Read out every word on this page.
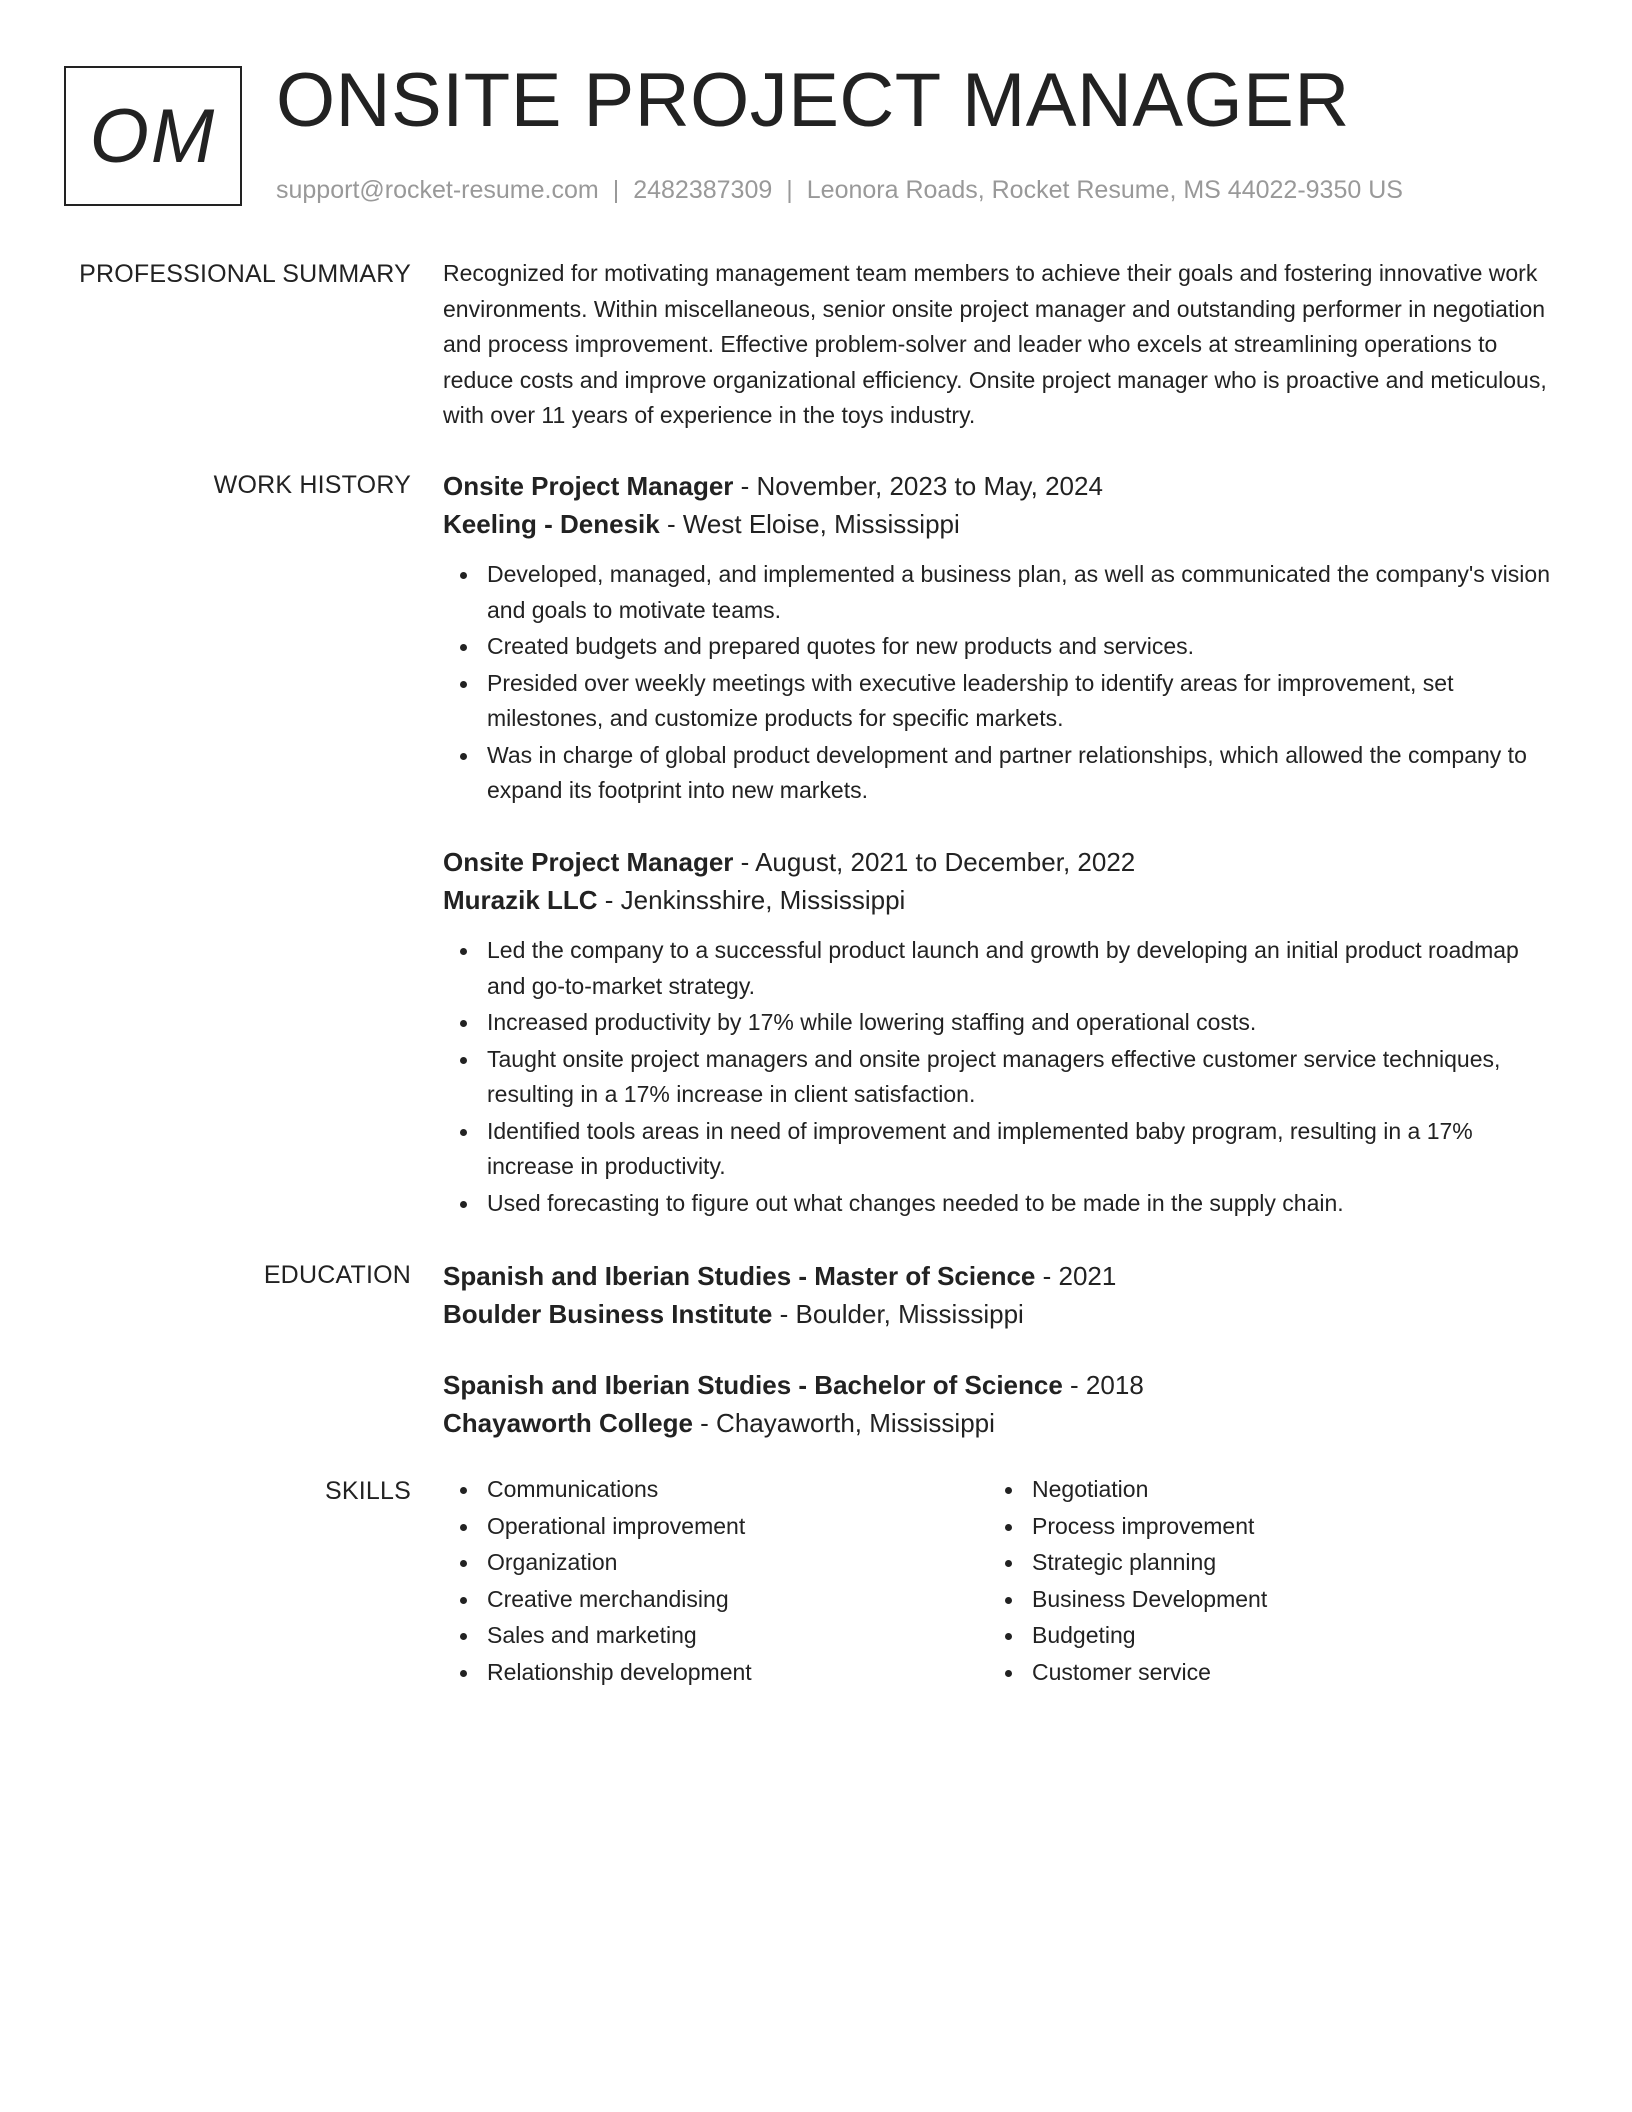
OM ONSITE PROJECT MANAGER
support@rocket-resume.com | 2482387309 | Leonora Roads, Rocket Resume, MS 44022-9350 US
PROFESSIONAL SUMMARY Recognized for motivating management team members to achieve their goals and fostering innovative work environments. Within miscellaneous, senior onsite project manager and outstanding performer in negotiation and process improvement. Effective problem-solver and leader who excels at streamlining operations to reduce costs and improve organizational efficiency. Onsite project manager who is proactive and meticulous, with over 11 years of experience in the toys industry.

WORK HISTORY Onsite Project Manager - November, 2023 to May, 2024
Keeling - Denesik - West Eloise, Mississippi
Developed, managed, and implemented a business plan, as well as communicated the company's vision and goals to motivate teams.
Created budgets and prepared quotes for new products and services.
Presided over weekly meetings with executive leadership to identify areas for improvement, set milestones, and customize products for specific markets.
Was in charge of global product development and partner relationships, which allowed the company to expand its footprint into new markets.
Onsite Project Manager - August, 2021 to December, 2022
Murazik LLC - Jenkinsshire, Mississippi
Led the company to a successful product launch and growth by developing an initial product roadmap and go-to-market strategy.
Increased productivity by 17% while lowering staffing and operational costs.
Taught onsite project managers and onsite project managers effective customer service techniques, resulting in a 17% increase in client satisfaction.
Identified tools areas in need of improvement and implemented baby program, resulting in a 17% increase in productivity.
Used forecasting to figure out what changes needed to be made in the supply chain.
EDUCATION Spanish and Iberian Studies - Master of Science - 2021
Boulder Business Institute - Boulder, Mississippi
Spanish and Iberian Studies - Bachelor of Science - 2018
Chayaworth College - Chayaworth, Mississippi
SKILLS	Communications
Operational improvement
Organization
Creative merchandising
Sales and marketing
Relationship development
Negotiation
Process improvement
Strategic planning
Business Development
Budgeting
Customer service
